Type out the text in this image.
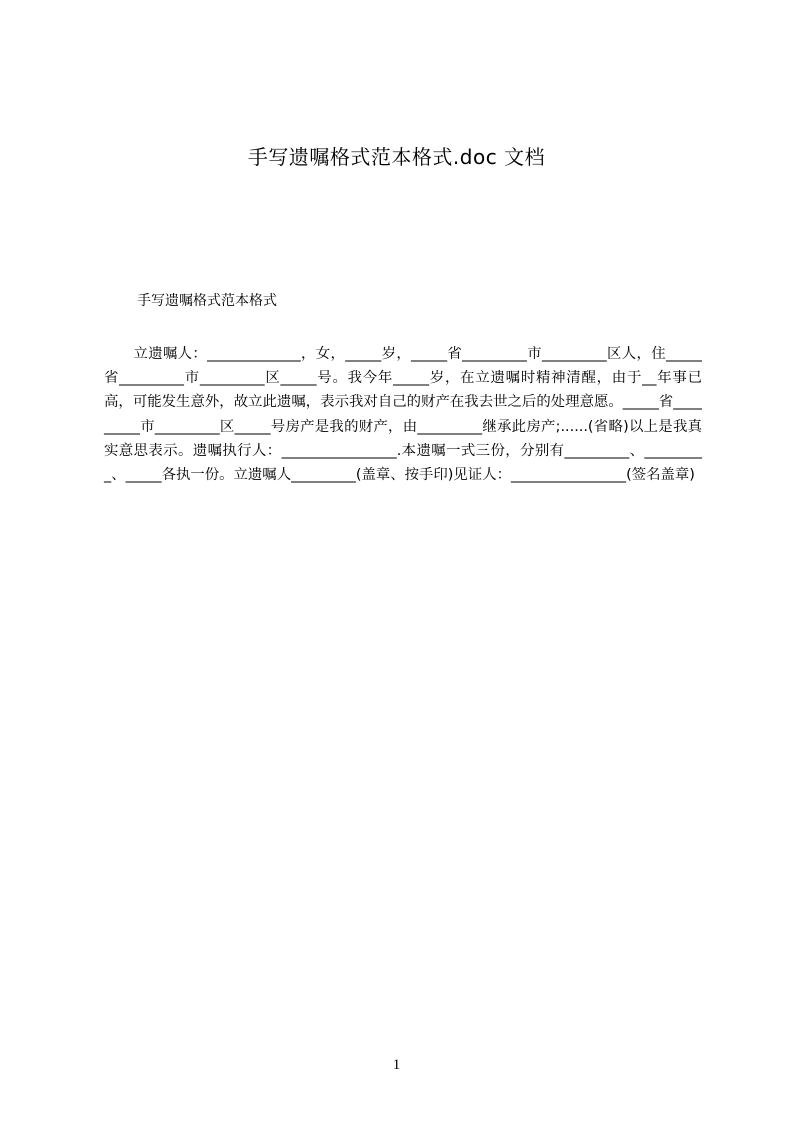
手写遗嘱格式范本格式.doc 文档
手写遗嘱格式范本格式
　　立遗嘱人：_____________，女，_____岁，_____省_________市_________区人，住_____省_________市_________区_____号。我今年_____岁，在立遗嘱时精神清醒，由于__年事已高，可能发生意外，故立此遗嘱，表示我对自己的财产在我去世之后的处理意愿。_____省_________市_________区_____号房产是我的财产，由_________继承此房产;......(省略)以上是我真实意思表示。遗嘱执行人：________________.本遗嘱一式三份，分别有_________、_________、_____各执一份。立遗嘱人_________(盖章、按手印)见证人：________________(签名盖章)
1
